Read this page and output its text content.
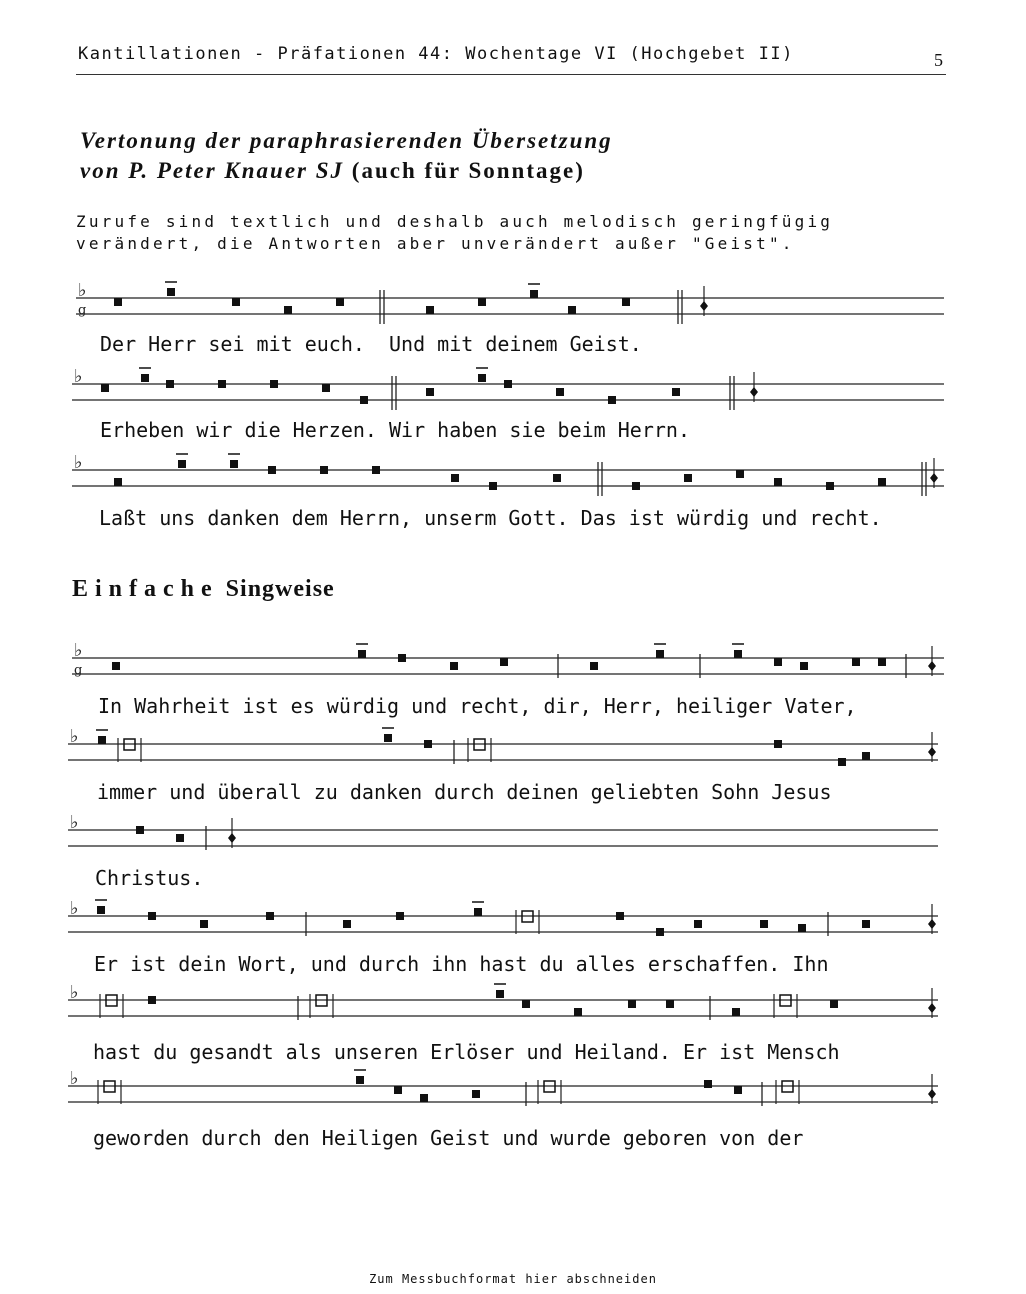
Kantillationen - Präfationen 44: Wochentage VI (Hochgebet II)	5
Vertonung der paraphrasierenden Übersetzung
von P. Peter Knauer SJ (auch für Sonntage)
Zurufe sind textlich und deshalb auch melodisch geringfügig
verändert, die Antworten aber unverändert außer "Geist".
Der Herr sei mit euch.  Und mit deinem Geist.
Erheben wir die Herzen. Wir haben sie beim Herrn.
Laßt uns danken dem Herrn, unserm Gott. Das ist würdig und recht.
Einfache Singweise
In Wahrheit ist es würdig und recht, dir, Herr, heiliger Vater,
immer und überall zu danken durch deinen geliebten Sohn Jesus
Christus.
Er ist dein Wort, und durch ihn hast du alles erschaffen. Ihn
hast du gesandt als unseren Erlöser und Heiland. Er ist Mensch
geworden durch den Heiligen Geist und wurde geboren von der
♭
g
♭
♭
♭
g
♭
♭
♭
♭
♭
Zum Messbuchformat hier abschneiden
